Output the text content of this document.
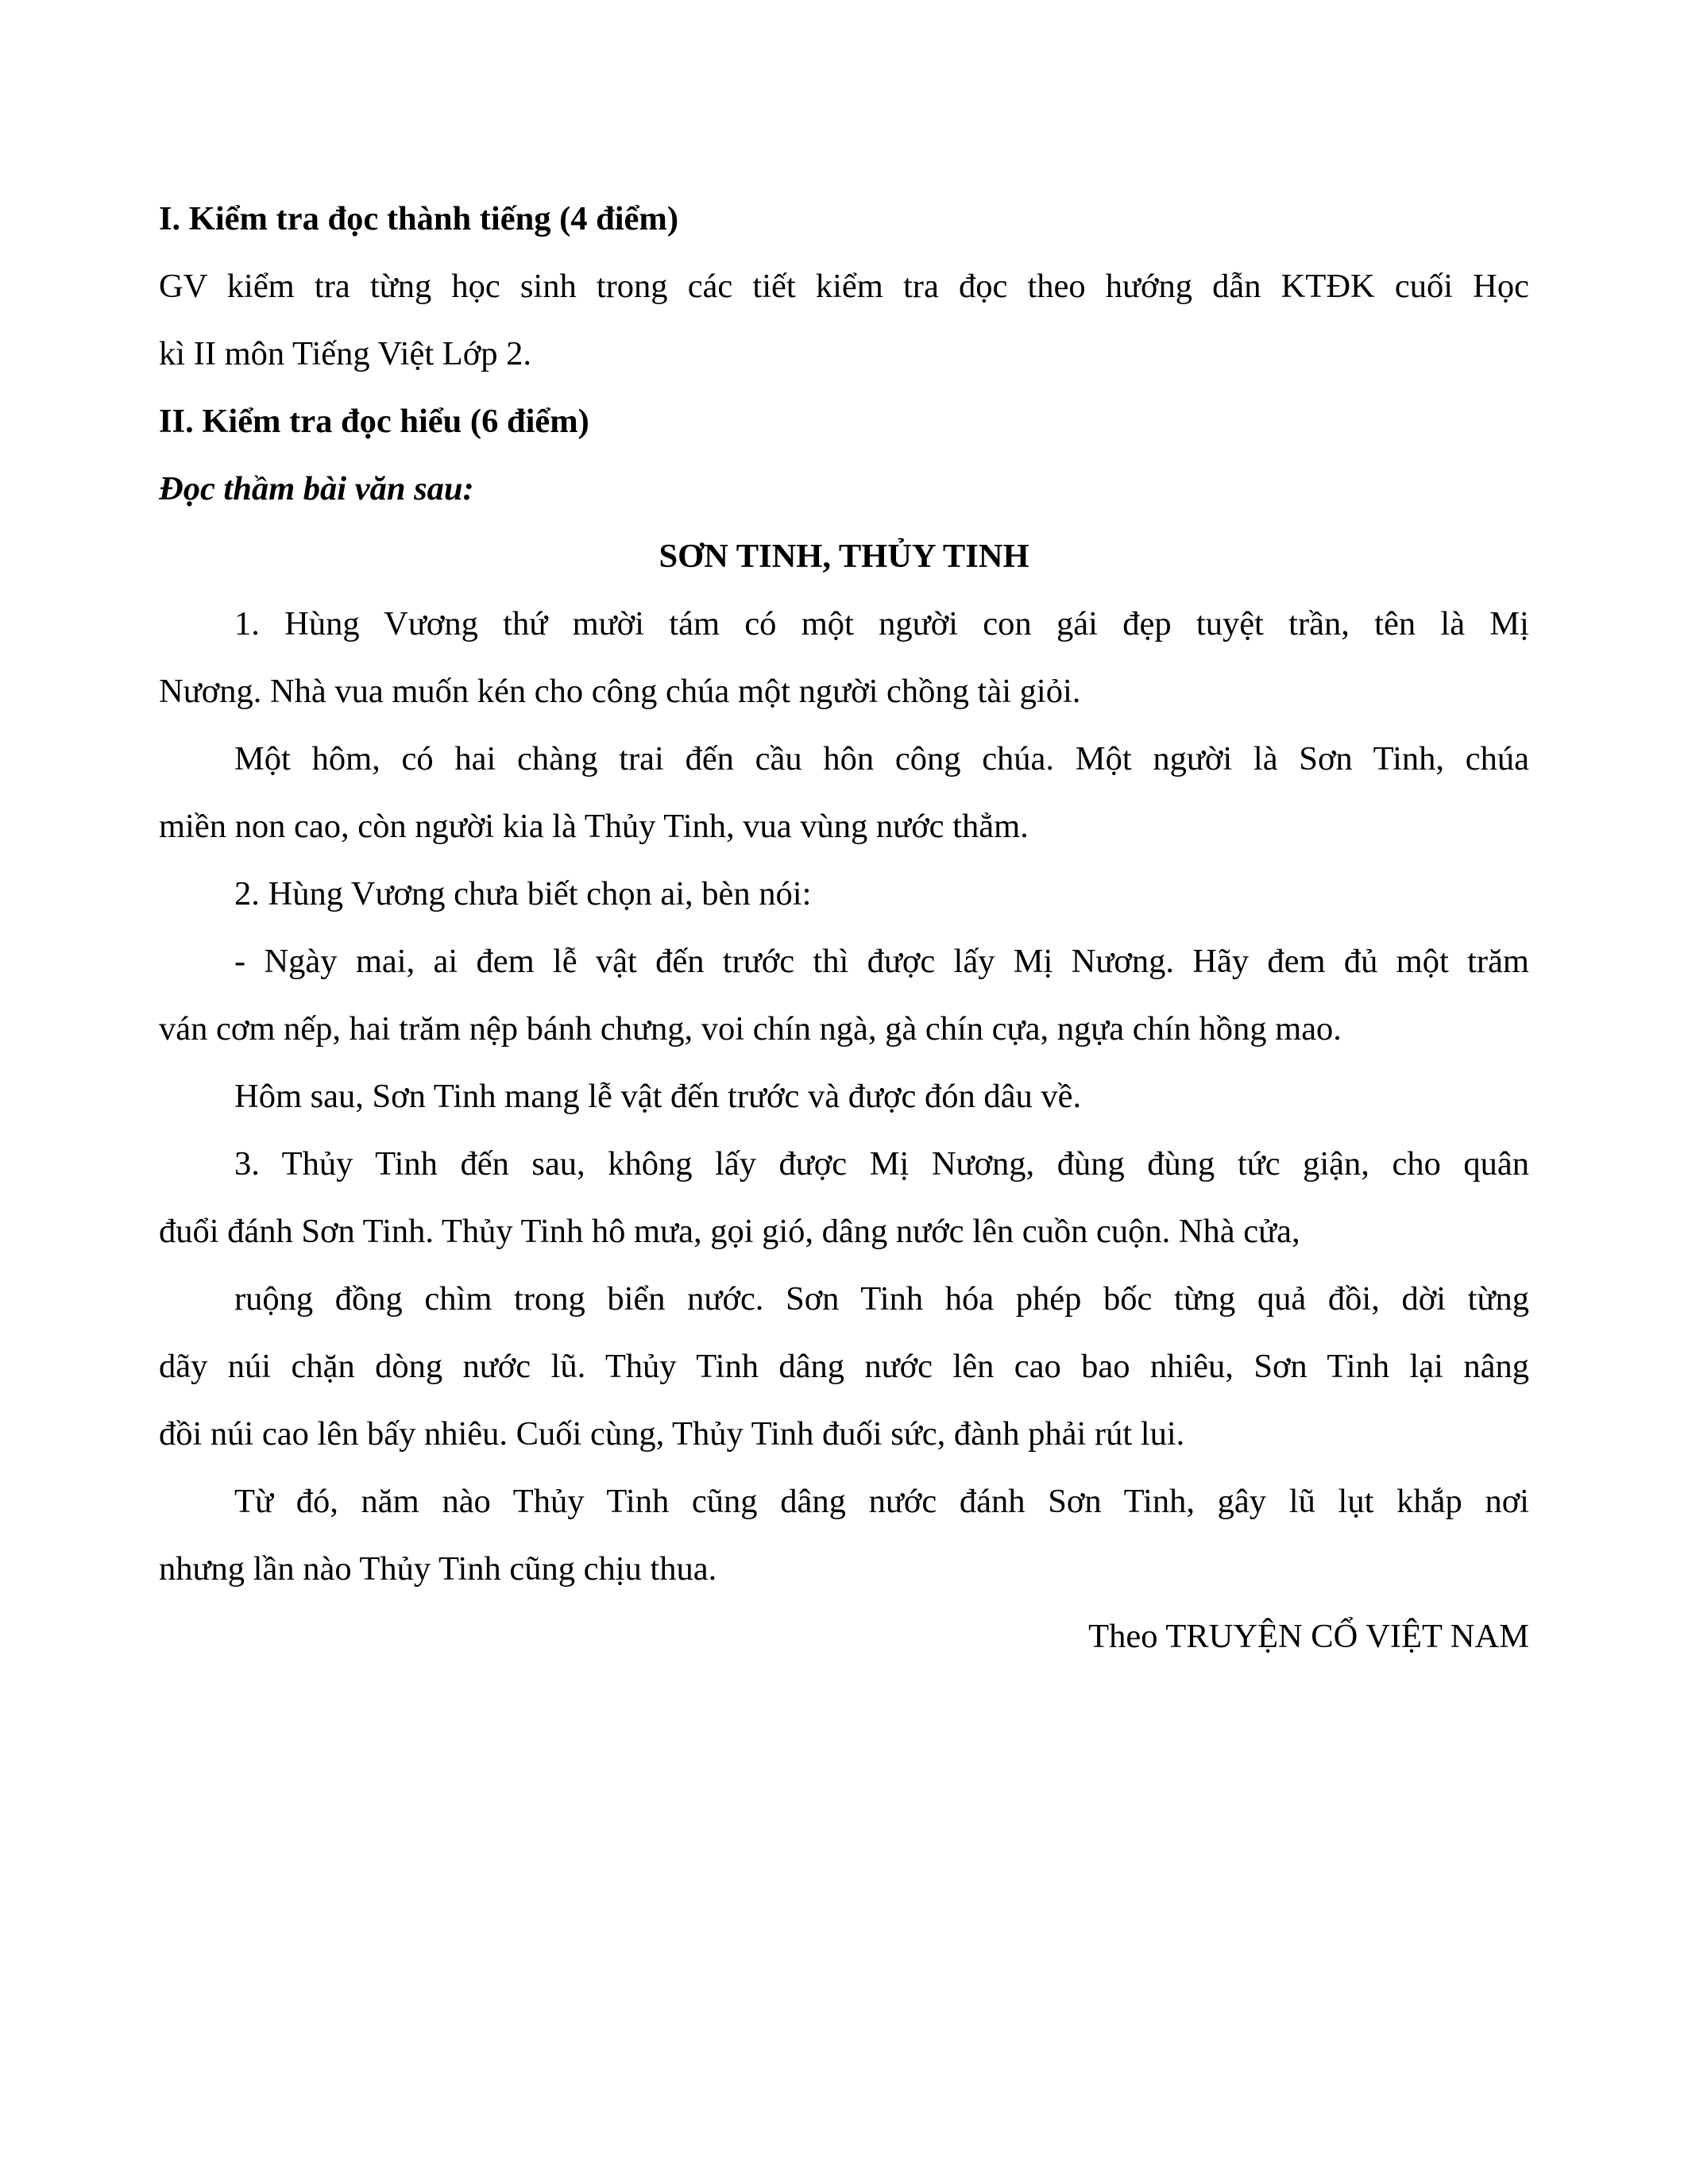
I. Kiểm tra đọc thành tiếng (4 điểm)
GV kiểm tra từng học sinh trong các tiết kiểm tra đọc theo hướng dẫn KTĐK cuối Học
kì II môn Tiếng Việt Lớp 2.
II. Kiểm tra đọc hiểu (6 điểm)
Đọc thầm bài văn sau:
SƠN TINH, THỦY TINH
1. Hùng Vương thứ mười tám có một người con gái đẹp tuyệt trần, tên là Mị
Nương. Nhà vua muốn kén cho công chúa một người chồng tài giỏi.
Một hôm, có hai chàng trai đến cầu hôn công chúa. Một người là Sơn Tinh, chúa
miền non cao, còn người kia là Thủy Tinh, vua vùng nước thẳm.
2. Hùng Vương chưa biết chọn ai, bèn nói:
- Ngày mai, ai đem lễ vật đến trước thì được lấy Mị Nương. Hãy đem đủ một trăm
ván cơm nếp, hai trăm nệp bánh chưng, voi chín ngà, gà chín cựa, ngựa chín hồng mao.
Hôm sau, Sơn Tinh mang lễ vật đến trước và được đón dâu về.
3. Thủy Tinh đến sau, không lấy được Mị Nương, đùng đùng tức giận, cho quân
đuổi đánh Sơn Tinh. Thủy Tinh hô mưa, gọi gió, dâng nước lên cuồn cuộn. Nhà cửa,
ruộng đồng chìm trong biển nước. Sơn Tinh hóa phép bốc từng quả đồi, dời từng
dãy núi chặn dòng nước lũ. Thủy Tinh dâng nước lên cao bao nhiêu, Sơn Tinh lại nâng
đồi núi cao lên bấy nhiêu. Cuối cùng, Thủy Tinh đuối sức, đành phải rút lui.
Từ đó, năm nào Thủy Tinh cũng dâng nước đánh Sơn Tinh, gây lũ lụt khắp nơi
nhưng lần nào Thủy Tinh cũng chịu thua.
Theo TRUYỆN CỔ VIỆT NAM
